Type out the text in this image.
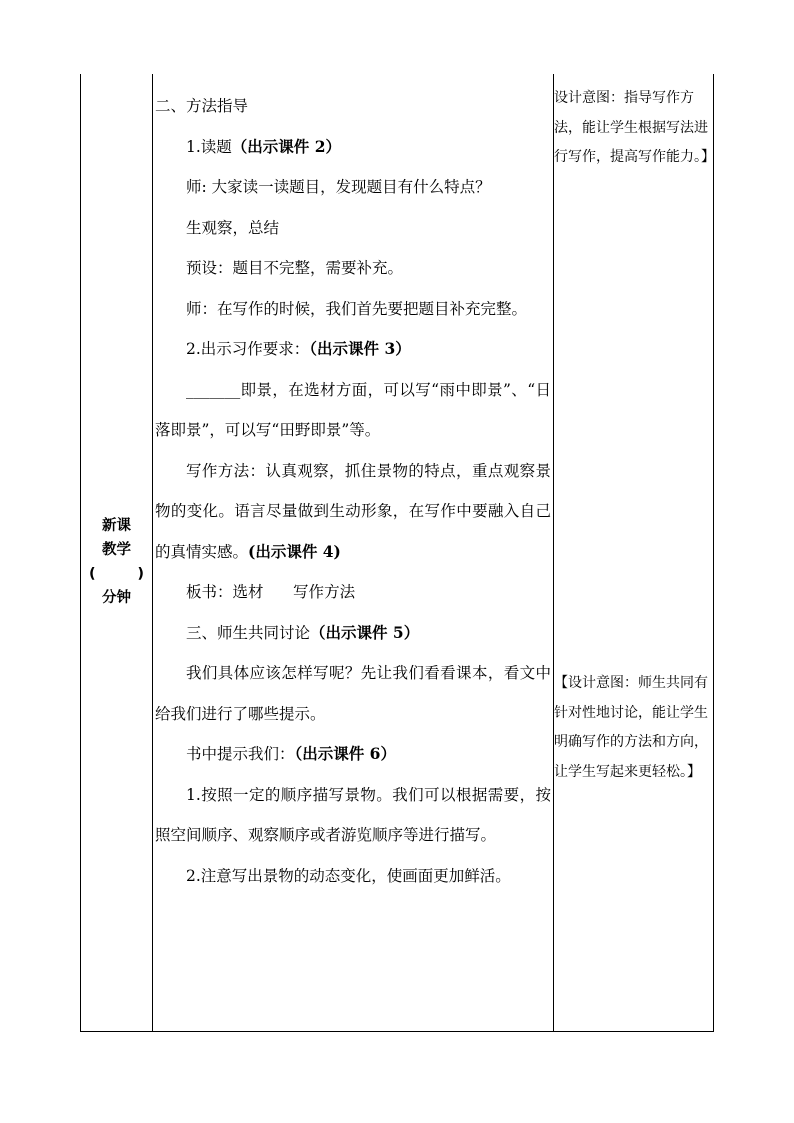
新课
教学
(	)
分钟

二、方法指导

1.读题（出示课件 2）

师: 大家读一读题目，发现题目有什么特点？

生观察，总结

预设：题目不完整，需要补充。

师：在写作的时候，我们首先要把题目补充完整。

2.出示习作要求：（出示课件 3）

_______即景，在选材方面，可以写“雨中即景”、“日落即景”，可以写“田野即景”等。

写作方法：认真观察，抓住景物的特点，重点观察景物的变化。语言尽量做到生动形象，在写作中要融入自己的真情实感。(出示课件 4)

板书：选材      写作方法

三、师生共同讨论（出示课件 5）

我们具体应该怎样写呢？先让我们看看课本，看文中给我们进行了哪些提示。

书中提示我们：（出示课件 6）

1.按照一定的顺序描写景物。我们可以根据需要，按照空间顺序、观察顺序或者游览顺序等进行描写。

2.注意写出景物的动态变化，使画面更加鲜活。

设计意图：指导写作方法，能让学生根据写法进行写作，提高写作能力。】
【设计意图：师生共同有针对性地讨论，能让学生明确写作的方法和方向，让学生写起来更轻松。】
